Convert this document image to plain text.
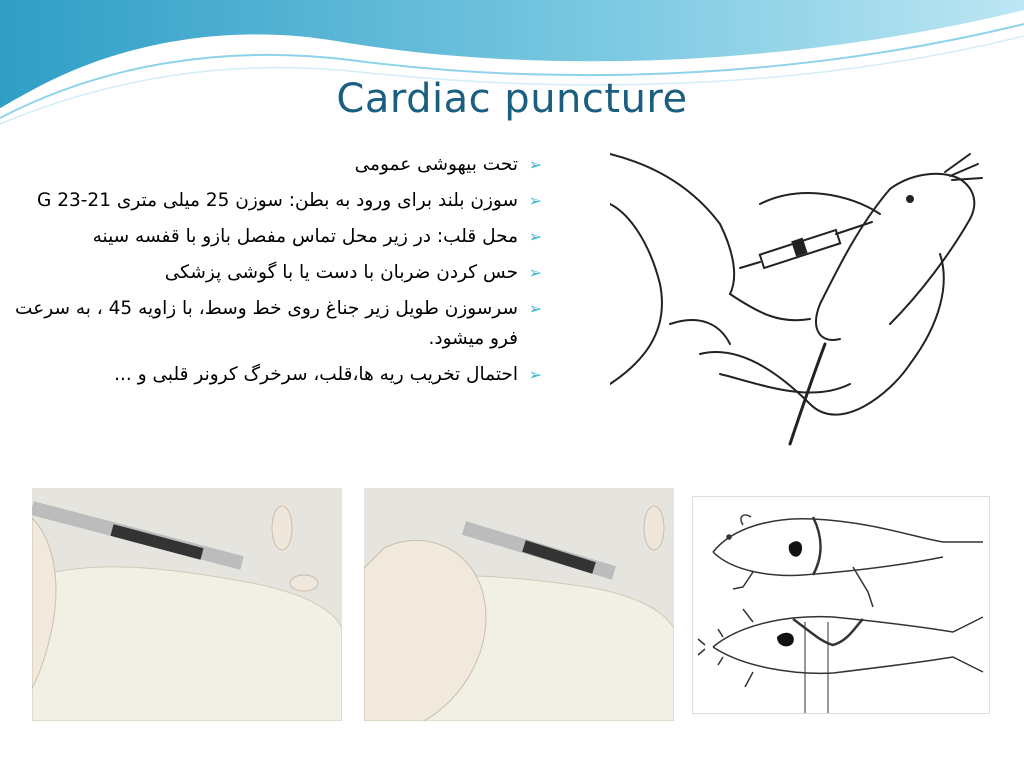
Cardiac puncture
➢
تحت بیهوشی عمومی
➢
سوزن بلند برای ورود به بطن: سوزن 25 میلی متری 21-23 G
➢
محل قلب: در زیر محل تماس مفصل بازو با قفسه سینه
➢
حس کردن ضربان با دست یا با گوشی پزشکی
➢
سرسوزن طویل زیر جناغ روی خط وسط، با زاویه 45 ، به سرعت فرو میشود.
➢
احتمال تخریب ریه ها،قلب، سرخرگ کرونر قلبی و ...
